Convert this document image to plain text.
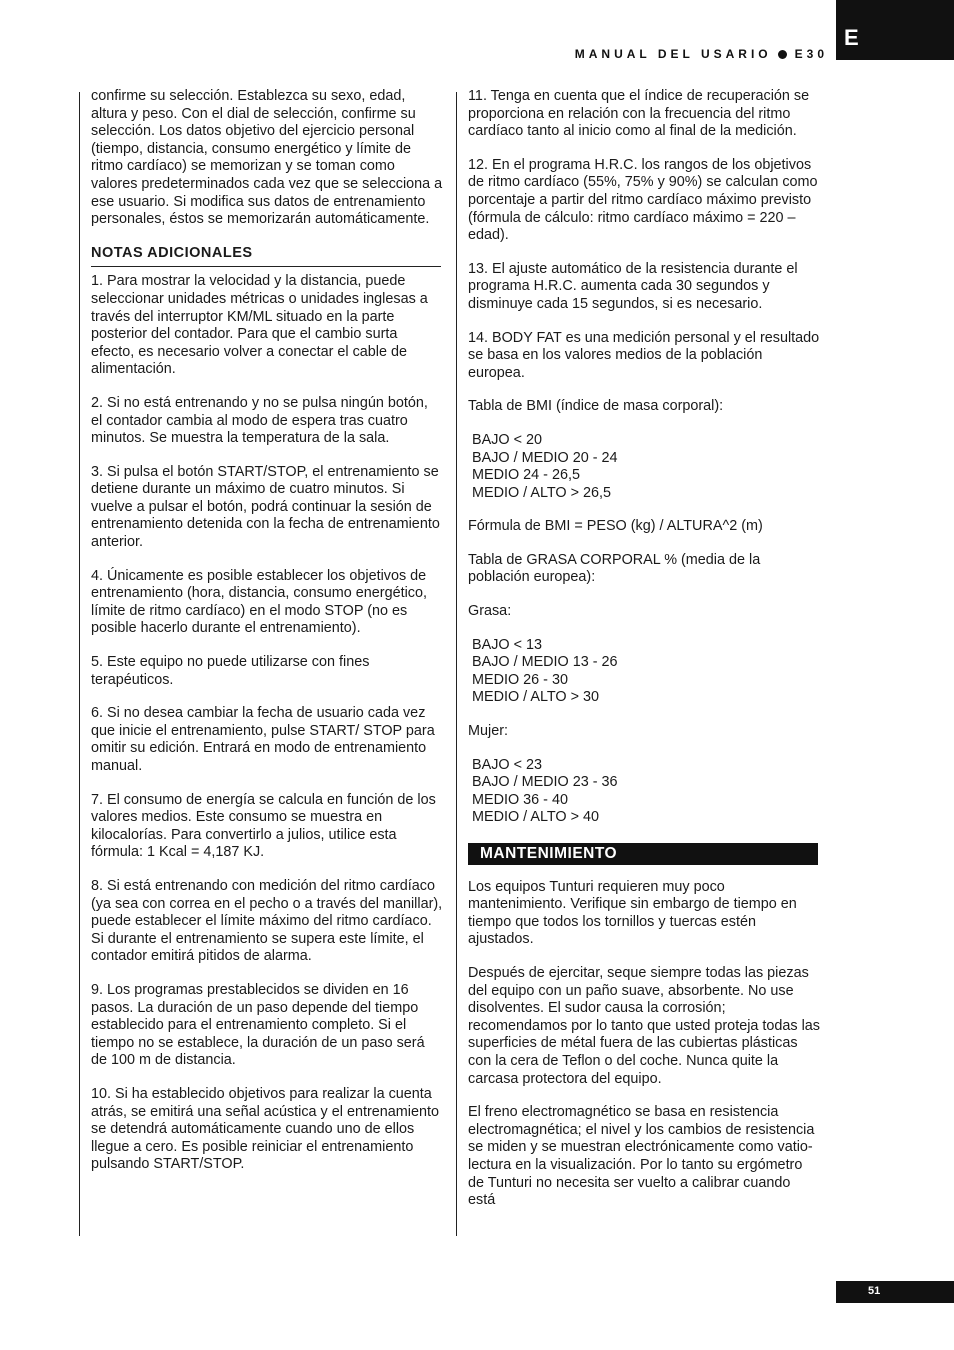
E
MANUAL DEL USARIO E30

confirme su selección. Establezca su sexo, edad, altura y peso. Con el dial de selección, confirme su selección. Los datos objetivo del ejercicio personal (tiempo, distancia, consumo energético y límite de ritmo cardíaco) se memorizan y se toman como valores predeterminados cada vez que se selecciona a ese usuario. Si modifica sus datos de entrenamiento personales, éstos se memorizarán automáticamente.

NOTAS ADICIONALES

1. Para mostrar la velocidad y la distancia, puede seleccionar unidades métricas o unidades inglesas a través del interruptor KM/ML situado en la parte posterior del contador. Para que el cambio surta efecto, es necesario volver a conectar el cable de alimentación.

2. Si no está entrenando y no se pulsa ningún botón, el contador cambia al modo de espera tras cuatro minutos. Se muestra la temperatura de la sala.

3. Si pulsa el botón START/STOP, el entrenamiento se detiene durante un máximo de cuatro minutos. Si vuelve a pulsar el botón, podrá continuar la sesión de entrenamiento detenida con la fecha de entrenamiento anterior.

4. Únicamente es posible establecer los objetivos de entrenamiento (hora, distancia, consumo energético, límite de ritmo cardíaco) en el modo STOP (no es posible hacerlo durante el entrenamiento).

5. Este equipo no puede utilizarse con fines terapéuticos.

6. Si no desea cambiar la fecha de usuario cada vez que inicie el entrenamiento, pulse START/ STOP para omitir su edición. Entrará en modo de entrenamiento manual.

7. El consumo de energía se calcula en función de los valores medios. Este consumo se muestra en kilocalorías. Para convertirlo a julios, utilice esta fórmula: 1 Kcal = 4,187 KJ.

8. Si está entrenando con medición del ritmo cardíaco (ya sea con correa en el pecho o a través del manillar), puede establecer el límite máximo del ritmo cardíaco. Si durante el entrenamiento se supera este límite, el contador emitirá pitidos de alarma.

9. Los programas prestablecidos se dividen en 16 pasos. La duración de un paso depende del tiempo establecido para el entrenamiento completo. Si el tiempo no se establece, la duración de un paso será de 100 m de distancia.

10. Si ha establecido objetivos para realizar la cuenta atrás, se emitirá una señal acústica y el entrenamiento se detendrá automáticamente cuando uno de ellos llegue a cero. Es posible reiniciar el entrenamiento pulsando START/STOP.

11. Tenga en cuenta que el índice de recuperación se proporciona en relación con la frecuencia del ritmo cardíaco tanto al inicio como al final de la medición.

12. En el programa H.R.C. los rangos de los objetivos de ritmo cardíaco (55%, 75% y 90%) se calculan como porcentaje a partir del ritmo cardíaco máximo previsto (fórmula de cálculo: ritmo cardíaco máximo = 220 – edad).

13. El ajuste automático de la resistencia durante el programa H.R.C. aumenta cada 30 segundos y disminuye cada 15 segundos, si es necesario.

14. BODY FAT es una medición personal y el resultado se basa en los valores medios de la población europea.

Tabla de BMI (índice de masa corporal):

BAJO < 20
BAJO / MEDIO 20 - 24
MEDIO 24 - 26,5
MEDIO / ALTO > 26,5

Fórmula de BMI = PESO (kg) / ALTURA^2 (m)

Tabla de GRASA CORPORAL % (media de la población europea):

Grasa:

BAJO < 13
BAJO / MEDIO 13 - 26
MEDIO 26 - 30
MEDIO / ALTO > 30

Mujer:

BAJO < 23
BAJO / MEDIO 23 - 36
MEDIO 36 - 40
MEDIO / ALTO > 40
MANTENIMIENTO

Los equipos Tunturi requieren muy poco mantenimiento. Verifique sin embargo de tiempo en tiempo que todos los tornillos y tuercas estén ajustados.

Después de ejercitar, seque siempre todas las piezas del equipo con un paño suave, absorbente. No use disolventes. El sudor causa la corrosión; recomendamos por lo tanto que usted proteja todas las superficies de métal fuera de las cubiertas plásticas con la cera de Teflon o del coche. Nunca quite la carcasa protectora del equipo.

El freno electromagnético se basa en resistencia electromagnética; el nivel y los cambios de resistencia se miden y se muestran electrónicamente como vatio-lectura en la visualización. Por lo tanto su ergómetro de Tunturi no necesita ser vuelto a calibrar cuando está

51
